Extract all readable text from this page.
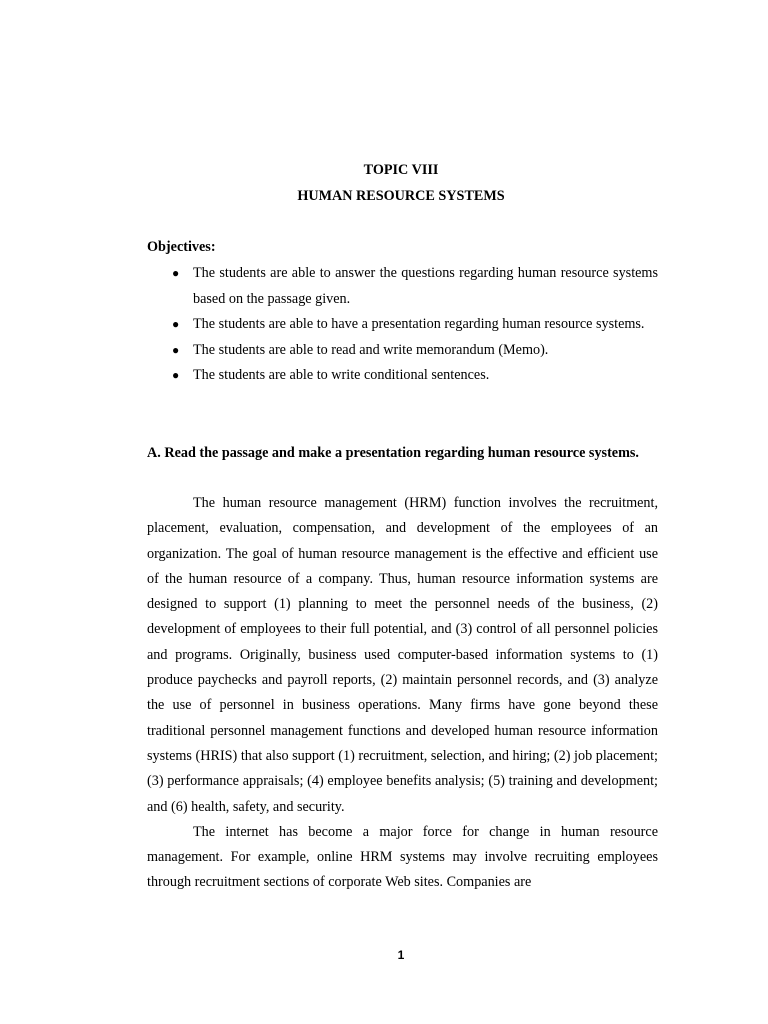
TOPIC VIII
HUMAN RESOURCE SYSTEMS
Objectives:
● The students are able to answer the questions regarding human resource systems based on the passage given.
● The students are able to have a presentation regarding human resource systems.
● The students are able to read and write memorandum (Memo).
● The students are able to write conditional sentences.
A. Read the passage and make a presentation regarding human resource systems.

The human resource management (HRM) function involves the recruitment, placement, evaluation, compensation, and development of the employees of an organization. The goal of human resource management is the effective and efficient use of the human resource of a company. Thus, human resource information systems are designed to support (1) planning to meet the personnel needs of the business, (2) development of employees to their full potential, and (3) control of all personnel policies and programs. Originally, business used computer-based information systems to (1) produce paychecks and payroll reports, (2) maintain personnel records, and (3) analyze the use of personnel in business operations. Many firms have gone beyond these traditional personnel management functions and developed human resource information systems (HRIS) that also support (1) recruitment, selection, and hiring; (2) job placement; (3) performance appraisals; (4) employee benefits analysis; (5) training and development; and (6) health, safety, and security.

The internet has become a major force for change in human resource management. For example, online HRM systems may involve recruiting employees through recruitment sections of corporate Web sites. Companies are

1
